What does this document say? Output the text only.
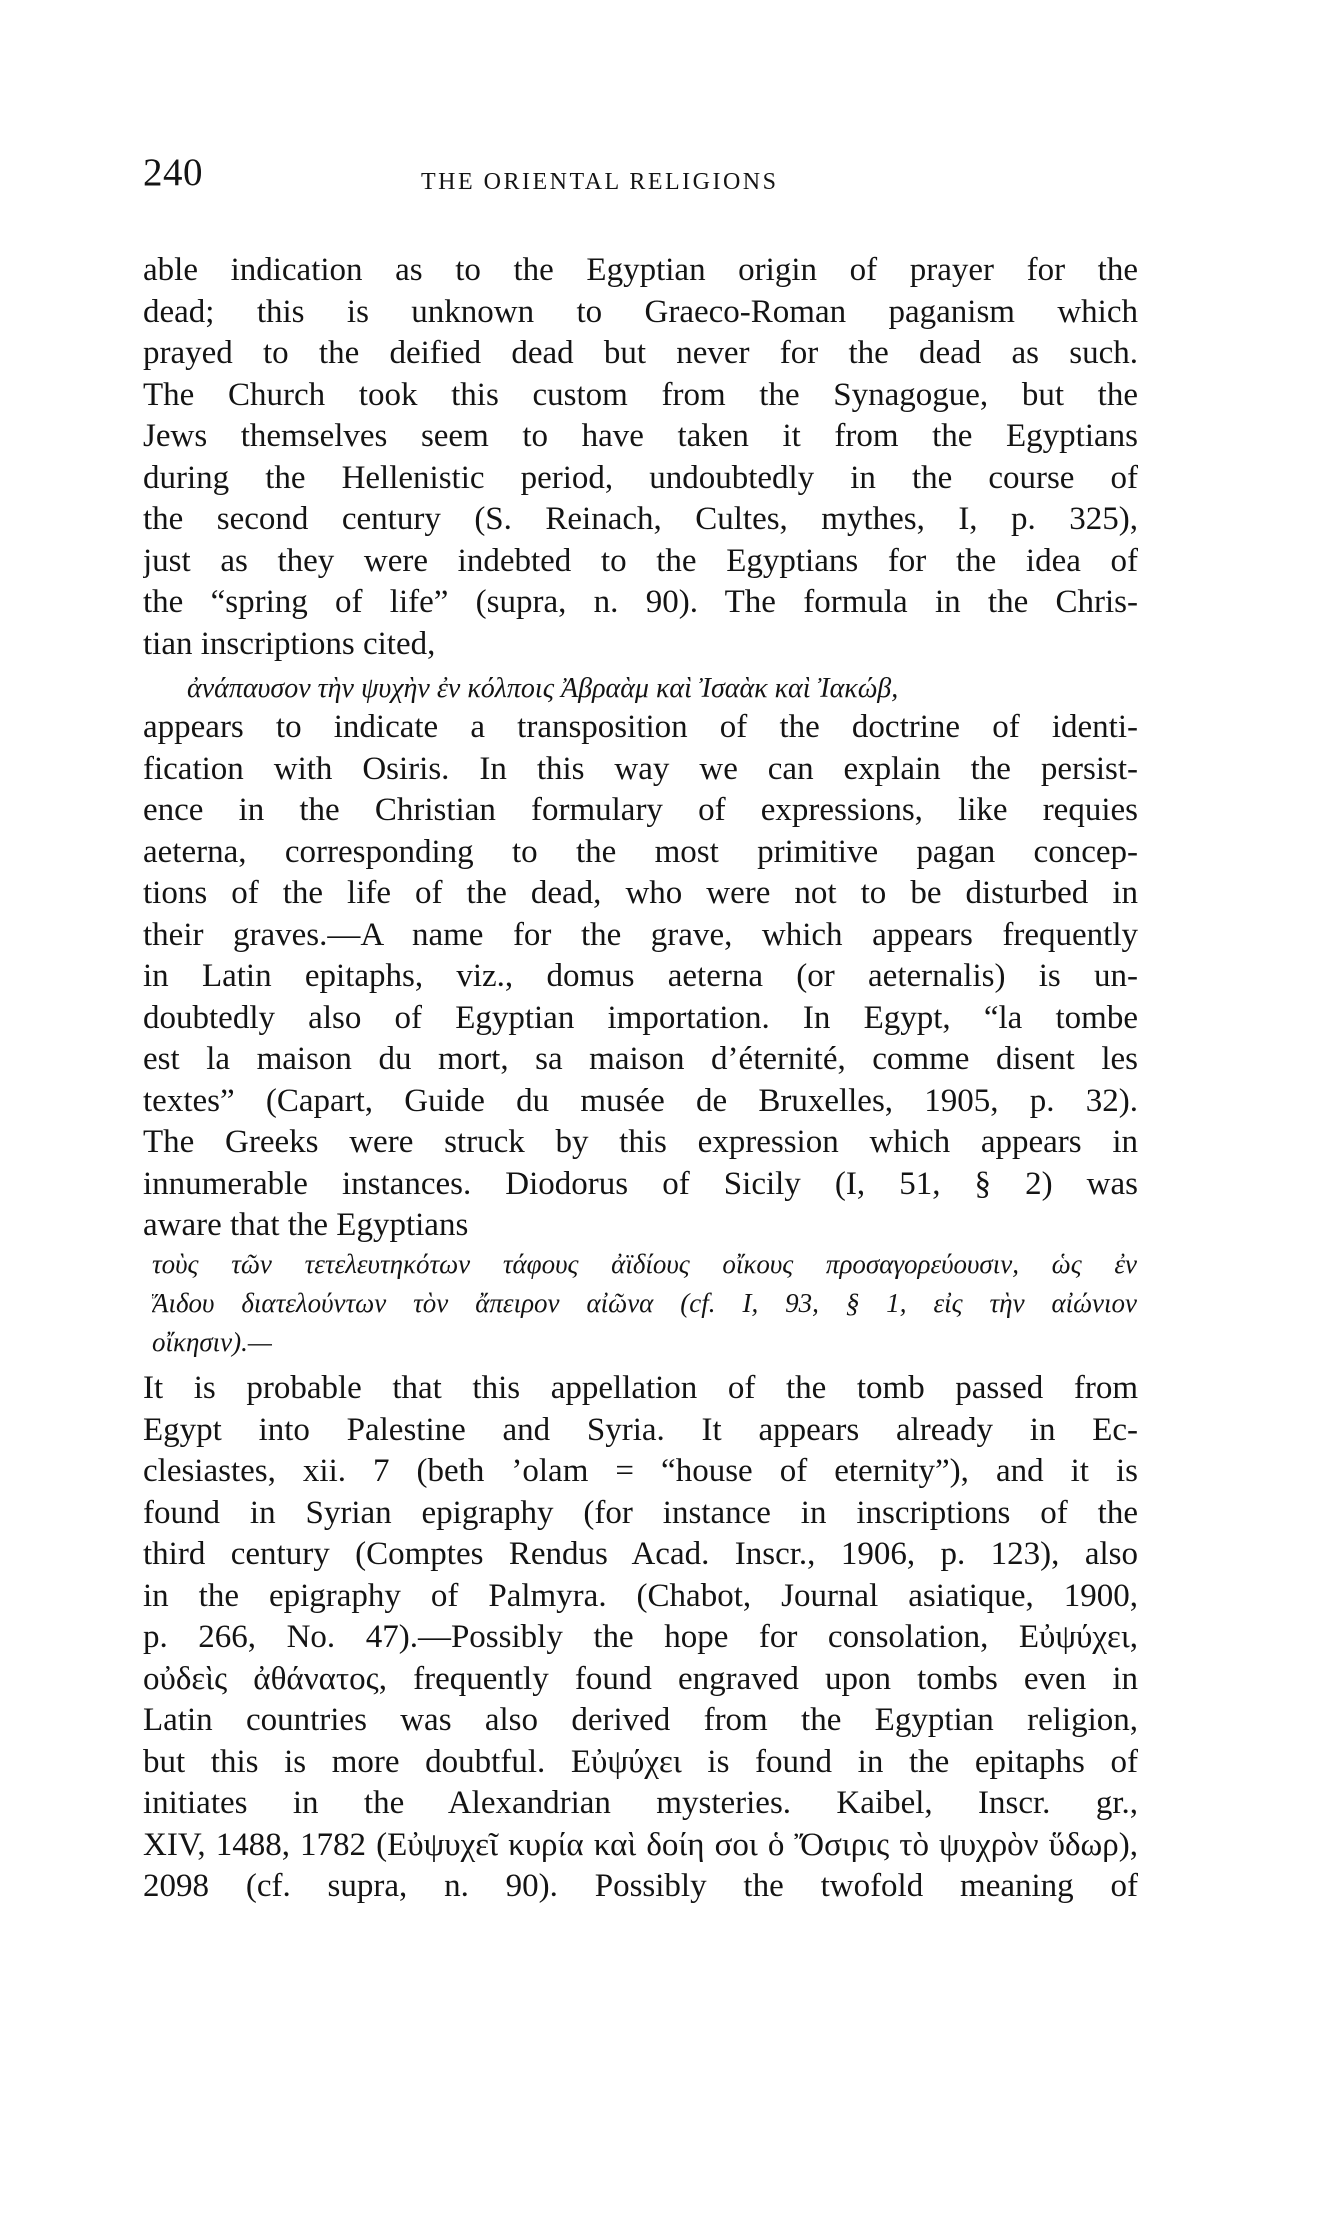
240	THE ORIENTAL RELIGIONS
able indication as to the Egyptian origin of prayer for the
dead; this is unknown to Graeco-Roman paganism which
prayed to the deified dead but never for the dead as such.
The Church took this custom from the Synagogue, but the
Jews themselves seem to have taken it from the Egyptians
during the Hellenistic period, undoubtedly in the course of
the second century (S. Reinach, Cultes, mythes, I, p. 325),
just as they were indebted to the Egyptians for the idea of
the “spring of life” (supra, n. 90). The formula in the Chris-
tian inscriptions cited,
ἀνάπαυσον τὴν ψυχὴν ἐν κόλποις Ἀβραὰμ καὶ Ἰσαὰκ καὶ Ἰακώβ,
appears to indicate a transposition of the doctrine of identi-
fication with Osiris. In this way we can explain the persist-
ence in the Christian formulary of expressions, like requies
aeterna, corresponding to the most primitive pagan concep-
tions of the life of the dead, who were not to be disturbed in
their graves.—A name for the grave, which appears frequently
in Latin epitaphs, viz., domus aeterna (or aeternalis) is un-
doubtedly also of Egyptian importation. In Egypt, “la tombe
est la maison du mort, sa maison d’éternité, comme disent les
textes” (Capart, Guide du musée de Bruxelles, 1905, p. 32).
The Greeks were struck by this expression which appears in
innumerable instances. Diodorus of Sicily (I, 51, § 2) was
aware that the Egyptians
τοὺς τῶν τετελευτηκότων τάφους ἀϊδίους οἴκους προσαγορεύουσιν, ὡς ἐν
Ἅιδου διατελούντων τὸν ἄπειρον αἰῶνα (cf. I, 93, § 1, εἰς τὴν αἰώνιον
οἴκησιν).—
It is probable that this appellation of the tomb passed from
Egypt into Palestine and Syria. It appears already in Ec-
clesiastes, xii. 7 (beth ’olam = “house of eternity”), and it is
found in Syrian epigraphy (for instance in inscriptions of the
third century (Comptes Rendus Acad. Inscr., 1906, p. 123), also
in the epigraphy of Palmyra. (Chabot, Journal asiatique, 1900,
p. 266, No. 47).—Possibly the hope for consolation, Εὐψύχει,
οὐδεὶς ἀθάνατος, frequently found engraved upon tombs even in
Latin countries was also derived from the Egyptian religion,
but this is more doubtful. Εὐψύχει is found in the epitaphs of
initiates in the Alexandrian mysteries. Kaibel, Inscr. gr.,
XIV, 1488, 1782 (Εὐψυχεῖ κυρία καὶ δοίη σοι ὁ Ὄσιρις τὸ ψυχρὸν ὕδωρ),
2098 (cf. supra, n. 90). Possibly the twofold meaning of
